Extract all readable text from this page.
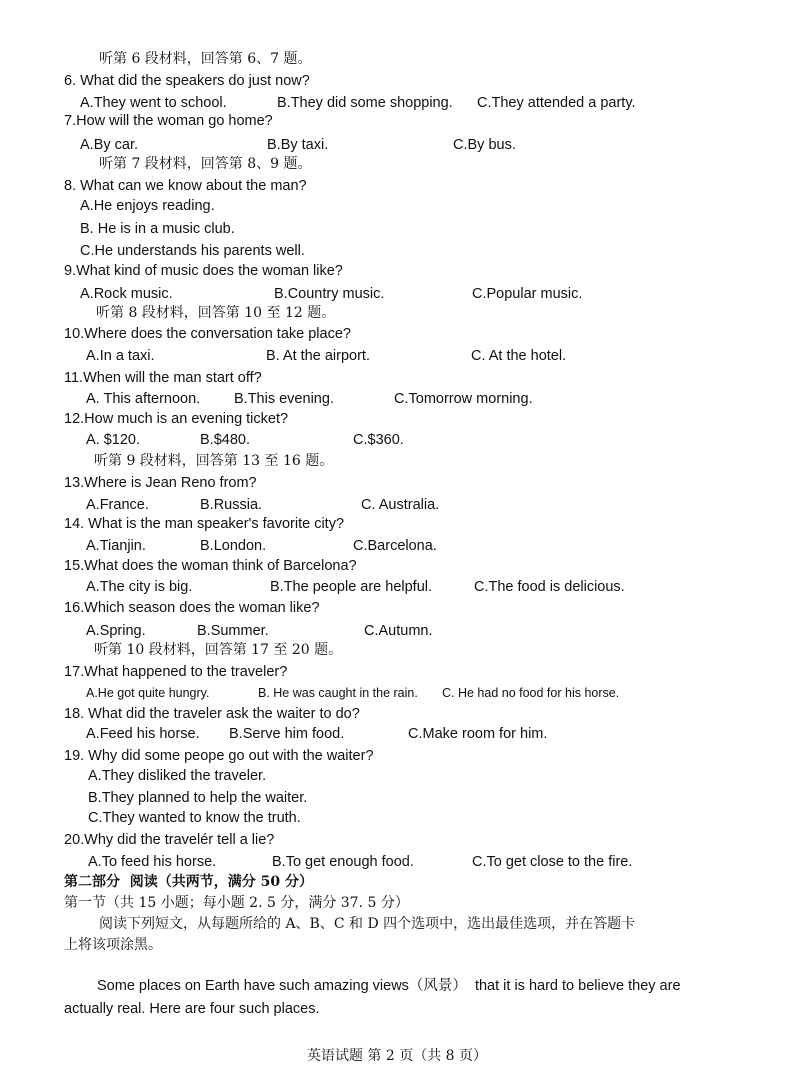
听第 6 段材料，回答第 6、7 题。
6. What did the speakers do just now?
A.They went to school.	B.They did some shopping. C.They attended a party.
7.How will the woman go home?
A.By car.	B.By taxi.	C.By bus.
听第 7 段材料，回答第 8、9 题。
8. What can we know about the man?
A.He enjoys reading.
B. He is in a music club.
C.He understands his parents well.
9.What kind of music does the woman like?
A.Rock music.	B.Country music.	C.Popular music.
听第 8 段材料，回答第 10 至 12 题。
10.Where does the conversation take place?
A.In a taxi.	B. At the airport.	C. At the hotel.
11.When will the man start off?
A. This afternoon. B.This evening.	C.Tomorrow morning.
12.How much is an evening ticket?
A. $120.	B.$480.	C.$360.
听第 9 段材料，回答第 13 至 16 题。
13.Where is Jean Reno from?
A.France.	B.Russia.	C. Australia.
14. What is the man speaker's favorite city?
A.Tianjin.	B.London.	C.Barcelona.
15.What does the woman think of Barcelona?
A.The city is big.	B.The people are helpful.	C.The food is delicious.
16.Which season does the woman like?
A.Spring.	B.Summer.	C.Autumn.
听第 10 段材料，回答第 17 至 20 题。
17.What happened to the traveler?
A.He got quite hungry.	B. He was caught in the rain. C. He had no food for his horse.
18. What did the traveler ask the waiter to do?
A.Feed his horse. B.Serve him food.	C.Make room for him.
19. Why did some peope go out with the waiter?
A.They disliked the traveler.
B.They planned to help the waiter.
C.They wanted to know the truth.
20.Why did the travelér tell a lie?
A.To feed his horse.	B.To get enough food.	C.To get close to the fire.
第二部分  阅读（共两节，满分 50 分）
第一节（共 15 小题；每小题 2. 5 分，满分 37. 5 分）
阅读下列短文，从每题所给的 A、B、C 和 D 四个选项中，选出最佳选项，并在答题卡
上将该项涂黑。
Some places on Earth have such amazing views（风景）  that it is hard to believe they are
actually real. Here are four such places.
英语试题 第 2 页（共 8 页）
